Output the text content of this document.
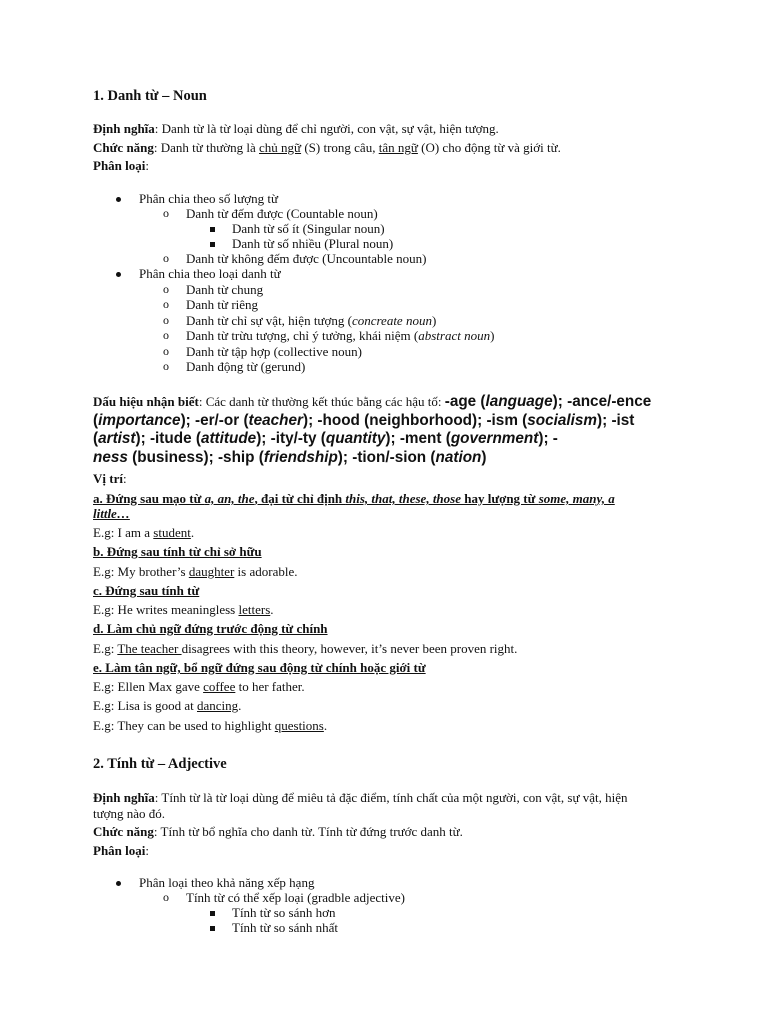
1. Danh từ – Noun
Định nghĩa: Danh từ là từ loại dùng để chỉ người, con vật, sự vật, hiện tượng.
Chức năng: Danh từ thường là chủ ngữ (S) trong câu, tân ngữ (O) cho động từ và giới từ.
Phân loại:
Phân chia theo số lượng từ
o Danh từ đếm được (Countable noun)
Danh từ số ít (Singular noun)
Danh từ số nhiều (Plural noun)
o Danh từ không đếm được (Uncountable noun)
Phân chia theo loại danh từ
o Danh từ chung
o Danh từ riêng
o Danh từ chỉ sự vật, hiện tượng (concreate noun)
o Danh từ trừu tượng, chỉ ý tưởng, khái niệm (abstract noun)
o Danh từ tập hợp (collective noun)
o Danh động từ (gerund)
Dấu hiệu nhận biết: Các danh từ thường kết thúc bằng các hậu tố: -age (language); -ance/-ence (importance); -er/-or (teacher); -hood (neighborhood); -ism (socialism); -ist (artist); -itude (attitude); -ity/-ty (quantity); -ment (government); -
ness (business); -ship (friendship); -tion/-sion (nation)
Vị trí:
a. Đứng sau mạo từ a, an, the, đại từ chỉ định this, that, these, those hay lượng từ some, many, a little…
E.g: I am a student.
b. Đứng sau tính từ chỉ sở hữu
E.g: My brother’s daughter is adorable.
c. Đứng sau tính từ
E.g: He writes meaningless letters.
d. Làm chủ ngữ đứng trước động từ chính
E.g: The teacher disagrees with this theory, however, it’s never been proven right.
e. Làm tân ngữ, bổ ngữ đứng sau động từ chính hoặc giới từ
E.g: Ellen Max gave coffee to her father.
E.g: Lisa is good at dancing.
E.g: They can be used to highlight questions.
2. Tính từ – Adjective
Định nghĩa: Tính từ là từ loại dùng để miêu tả đặc điểm, tính chất của một người, con vật, sự vật, hiện
tượng nào đó.
Chức năng: Tính từ bổ nghĩa cho danh từ. Tính từ đứng trước danh từ.
Phân loại:
Phân loại theo khả năng xếp hạng
o Tính từ có thể xếp loại (gradble adjective)
Tính từ so sánh hơn
Tính từ so sánh nhất
